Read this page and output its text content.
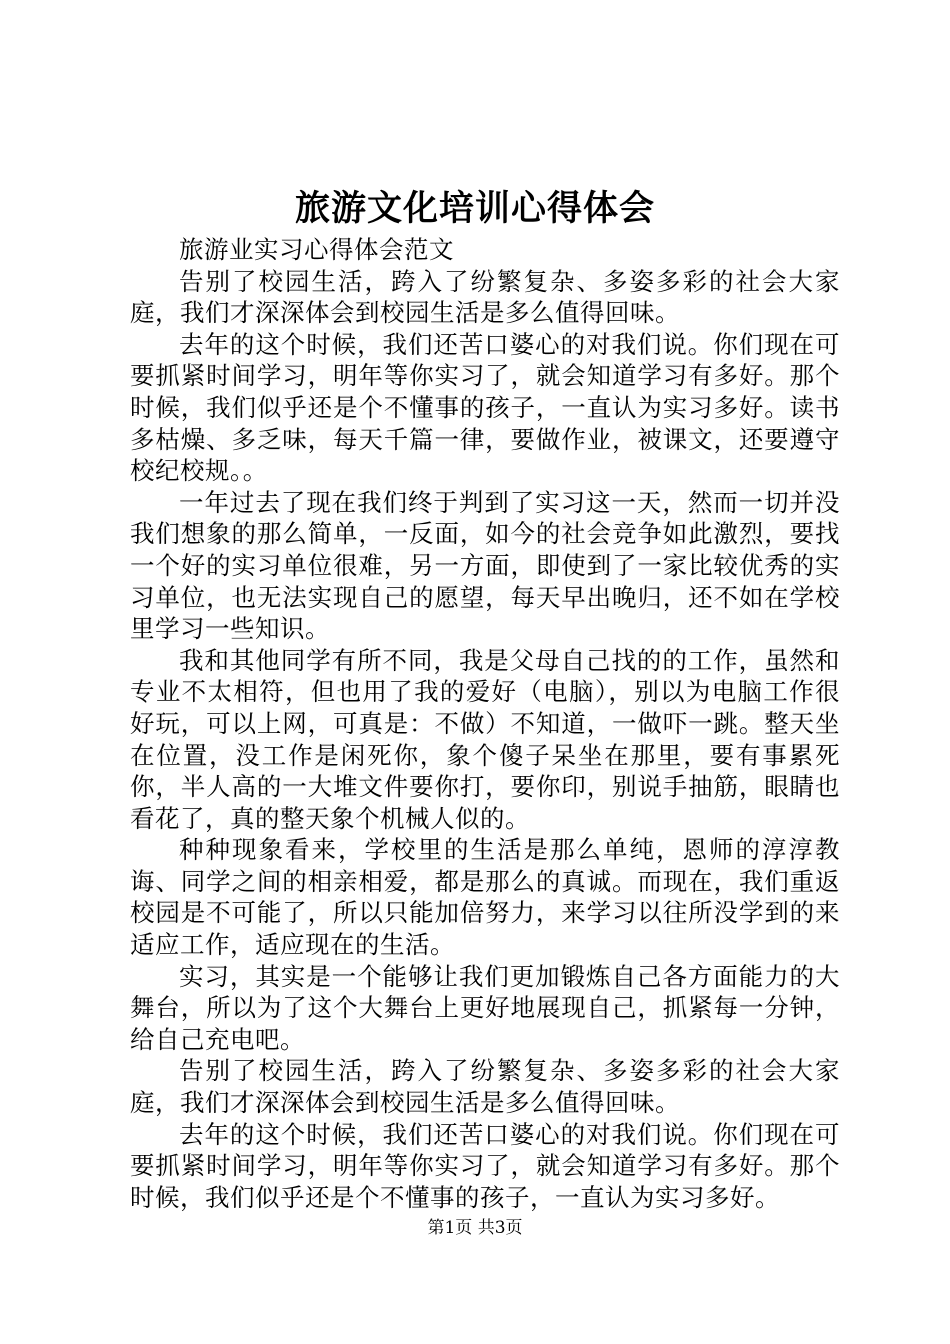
旅游文化培训心得体会

旅游业实习心得体会范文

告别了校园生活，跨入了纷繁复杂、多姿多彩的社会大家庭，我们才深深体会到校园生活是多么值得回味。

去年的这个时候，我们还苦口婆心的对我们说。你们现在可要抓紧时间学习，明年等你实习了，就会知道学习有多好。那个时候，我们似乎还是个不懂事的孩子，一直认为实习多好。读书多枯燥、多乏味，每天千篇一律，要做作业，被课文，还要遵守校纪校规。。

一年过去了现在我们终于判到了实习这一天，然而一切并没我们想象的那么简单，一反面，如今的社会竞争如此激烈，要找一个好的实习单位很难，另一方面，即使到了一家比较优秀的实习单位，也无法实现自己的愿望，每天早出晚归，还不如在学校里学习一些知识。

我和其他同学有所不同，我是父母自己找的的工作，虽然和专业不太相符，但也用了我的爱好（电脑），别以为电脑工作很好玩，可以上网，可真是：不做）不知道，一做吓一跳。整天坐在位置，没工作是闲死你，象个傻子呆坐在那里，要有事累死你，半人高的一大堆文件要你打，要你印，别说手抽筋，眼睛也看花了，真的整天象个机械人似的。

种种现象看来，学校里的生活是那么单纯，恩师的淳淳教诲、同学之间的相亲相爱，都是那么的真诚。而现在，我们重返校园是不可能了，所以只能加倍努力，来学习以往所没学到的来适应工作，适应现在的生活。

实习，其实是一个能够让我们更加锻炼自己各方面能力的大舞台，所以为了这个大舞台上更好地展现自己，抓紧每一分钟，给自己充电吧。

告别了校园生活，跨入了纷繁复杂、多姿多彩的社会大家庭，我们才深深体会到校园生活是多么值得回味。

去年的这个时候，我们还苦口婆心的对我们说。你们现在可要抓紧时间学习，明年等你实习了，就会知道学习有多好。那个时候，我们似乎还是个不懂事的孩子，一直认为实习多好。

第1页 共3页
